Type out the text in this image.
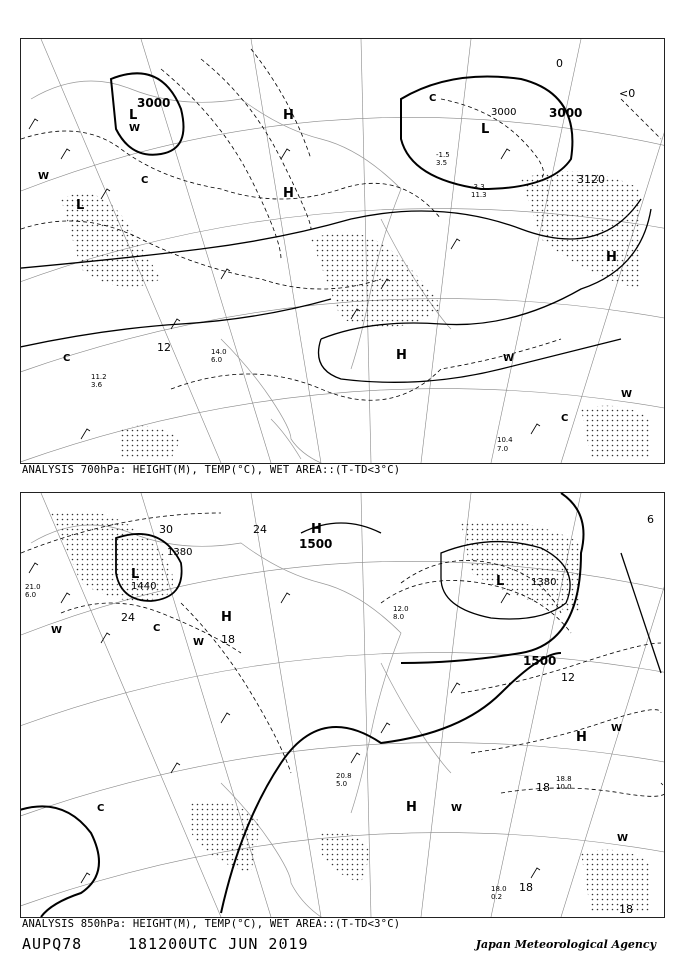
3000
3000
3120
3000
12
0
<0
L
L
H
H
H
H
W
W
W
W
C
C
C
C
L
10.4
7.0
11.2
3.6
14.0
6.0
-1.5
3.5
-3.3
11.3
ANALYSIS 700hPa: HEIGHT(M), TEMP(°C), WET AREA::(T-TD<3°C)
1500
1500
1380
1380
1440
30	24
24
18
18
12
18
18
6
L	L
H
H
H
H
W
W
W
W
C
C
W
18.0
0.2
18.8
10.0
20.8
5.0
12.0
8.0
21.0
6.0
ANALYSIS 850hPa: HEIGHT(M), TEMP(°C), WET AREA::(T-TD<3°C)
AUPQ78	181200UTC JUN 2019	Japan Meteorological Agency
